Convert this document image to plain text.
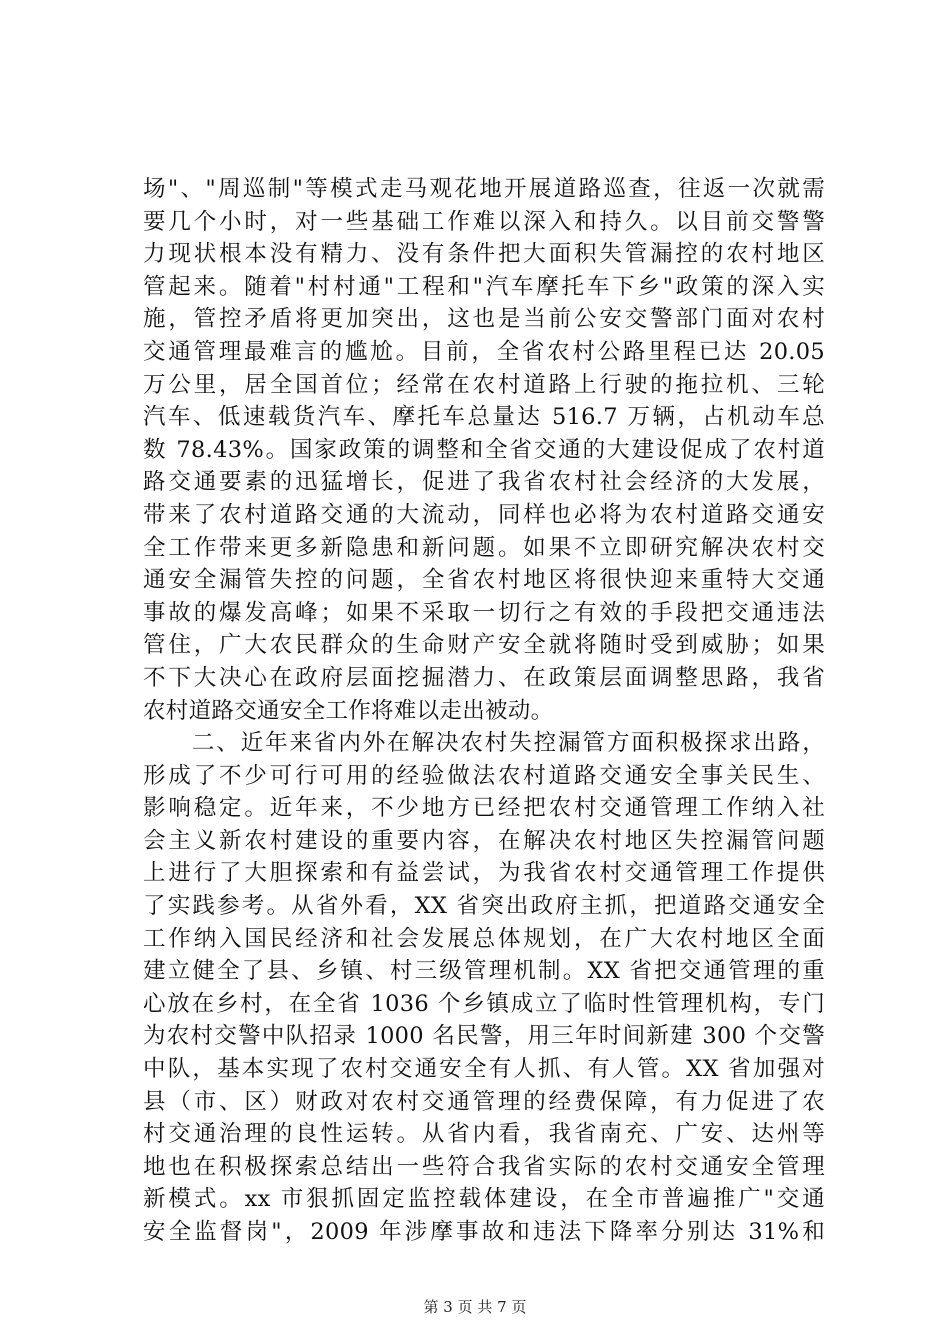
场"、"周巡制"等模式走马观花地开展道路巡查，往返一次就需
要几个小时，对一些基础工作难以深入和持久。以目前交警警
力现状根本没有精力、没有条件把大面积失管漏控的农村地区
管起来。随着"村村通"工程和"汽车摩托车下乡"政策的深入实
施，管控矛盾将更加突出，这也是当前公安交警部门面对农村
交通管理最难言的尴尬。目前，全省农村公路里程已达 20.05
万公里，居全国首位；经常在农村道路上行驶的拖拉机、三轮
汽车、低速载货汽车、摩托车总量达 516.7 万辆，占机动车总
数 78.43%。国家政策的调整和全省交通的大建设促成了农村道
路交通要素的迅猛增长，促进了我省农村社会经济的大发展，
带来了农村道路交通的大流动，同样也必将为农村道路交通安
全工作带来更多新隐患和新问题。如果不立即研究解决农村交
通安全漏管失控的问题，全省农村地区将很快迎来重特大交通
事故的爆发高峰；如果不采取一切行之有效的手段把交通违法
管住，广大农民群众的生命财产安全就将随时受到威胁；如果
不下大决心在政府层面挖掘潜力、在政策层面调整思路，我省
农村道路交通安全工作将难以走出被动。
　　二、近年来省内外在解决农村失控漏管方面积极探求出路，
形成了不少可行可用的经验做法农村道路交通安全事关民生、
影响稳定。近年来，不少地方已经把农村交通管理工作纳入社
会主义新农村建设的重要内容，在解决农村地区失控漏管问题
上进行了大胆探索和有益尝试，为我省农村交通管理工作提供
了实践参考。从省外看，XX 省突出政府主抓，把道路交通安全
工作纳入国民经济和社会发展总体规划，在广大农村地区全面
建立健全了县、乡镇、村三级管理机制。XX 省把交通管理的重
心放在乡村，在全省 1036 个乡镇成立了临时性管理机构，专门
为农村交警中队招录 1000 名民警，用三年时间新建 300 个交警
中队，基本实现了农村交通安全有人抓、有人管。XX 省加强对
县（市、区）财政对农村交通管理的经费保障，有力促进了农
村交通治理的良性运转。从省内看，我省南充、广安、达州等
地也在积极探索总结出一些符合我省实际的农村交通安全管理
新模式。xx 市狠抓固定监控载体建设，在全市普遍推广"交通
安全监督岗"，2009 年涉摩事故和违法下降率分别达 31%和
第 3 页 共 7 页
